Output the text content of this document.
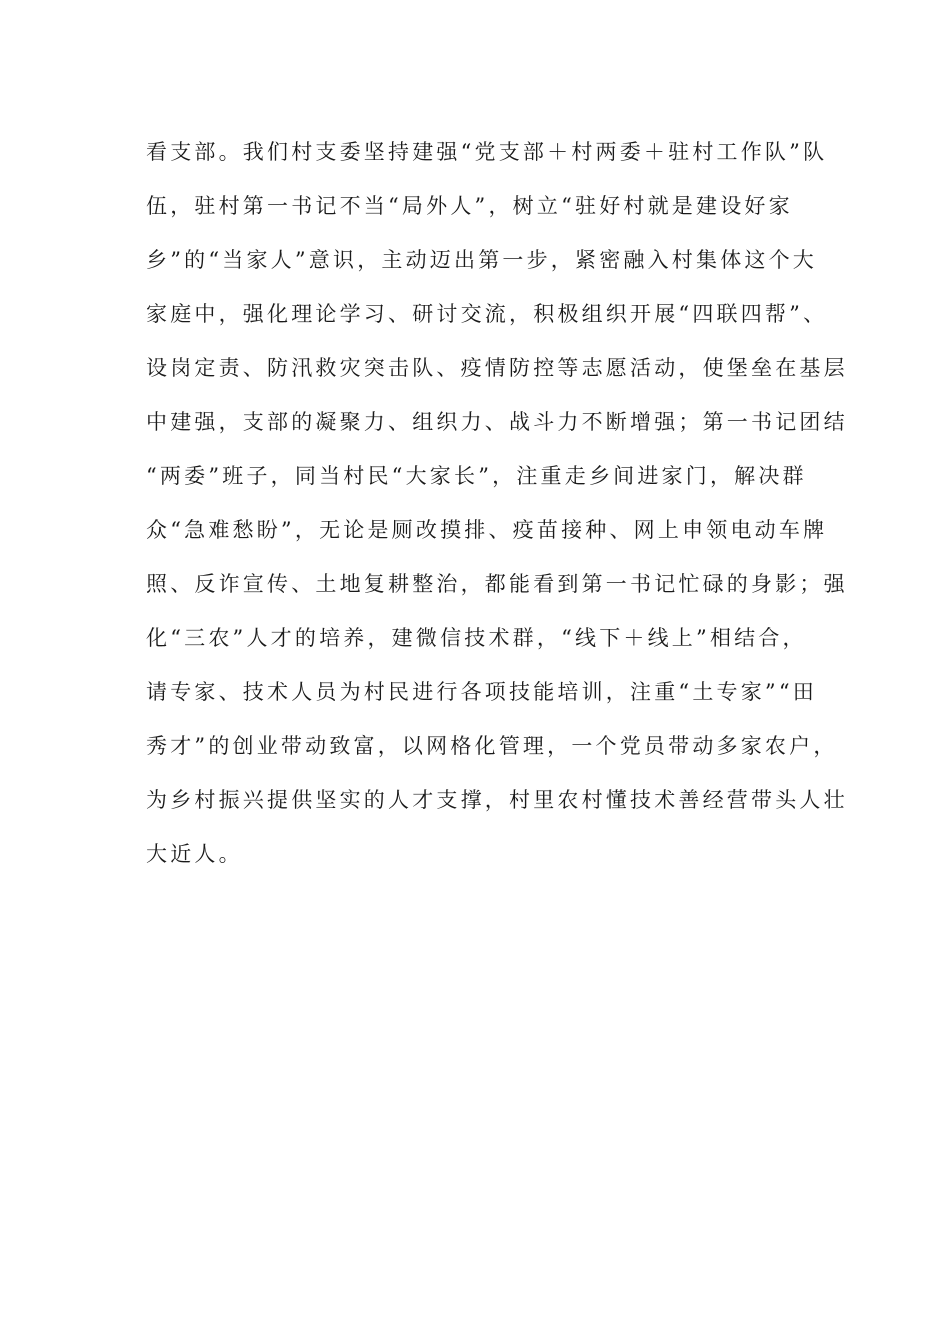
看支部。我们村支委坚持建强“党支部＋村两委＋驻村工作队”队
伍，驻村第一书记不当“局外人”，树立“驻好村就是建设好家
乡”的“当家人”意识，主动迈出第一步，紧密融入村集体这个大
家庭中，强化理论学习、研讨交流，积极组织开展“四联四帮”、
设岗定责、防汛救灾突击队、疫情防控等志愿活动，使堡垒在基层
中建强，支部的凝聚力、组织力、战斗力不断增强；第一书记团结
“两委”班子，同当村民“大家长”，注重走乡间进家门，解决群
众“急难愁盼”，无论是厕改摸排、疫苗接种、网上申领电动车牌
照、反诈宣传、土地复耕整治，都能看到第一书记忙碌的身影；强
化“三农”人才的培养，建微信技术群，“线下＋线上”相结合，
请专家、技术人员为村民进行各项技能培训，注重“土专家”“田
秀才”的创业带动致富，以网格化管理，一个党员带动多家农户，
为乡村振兴提供坚实的人才支撑，村里农村懂技术善经营带头人壮
大近人。
